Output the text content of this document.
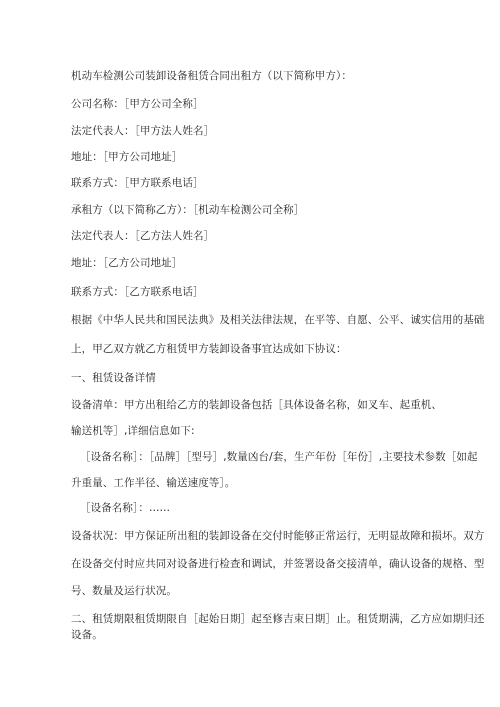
机动车检测公司装卸设备租赁合同出租方（以下简称甲方）：
公司名称：［甲方公司全称］
法定代表人：［甲方法人姓名］
地址：［甲方公司地址］
联系方式：［甲方联系电话］
承租方（以下简称乙方）：［机动车检测公司全称］
法定代表人：［乙方法人姓名］
地址：［乙方公司地址］
联系方式：［乙方联系电话］
根据《中华人民共和国民法典》及相关法律法规，在平等、自愿、公平、诚实信用的基础
上，甲乙双方就乙方租赁甲方装卸设备事宜达成如下协议：
一、租赁设备详情
设备清单：甲方出租给乙方的装卸设备包括［具体设备名称，如叉车、起重机、
输送机等］,详细信息如下:
［设备名称］：［品牌］［型号］,数量凶台/套，生产年份［年份］,主要技术参数［如起
升重量、工作半径、输送速度等］。
［设备名称］：……
设备状况：甲方保证所出租的装卸设备在交付时能够正常运行，无明显故障和损坏。双方
在设备交付时应共同对设备进行检查和调试，并签署设备交接清单，确认设备的规格、型
号、数量及运行状况。
二、租赁期限租赁期限自［起始日期］起至修吉束日期］止。租赁期满，乙方应如期归还
设备。
